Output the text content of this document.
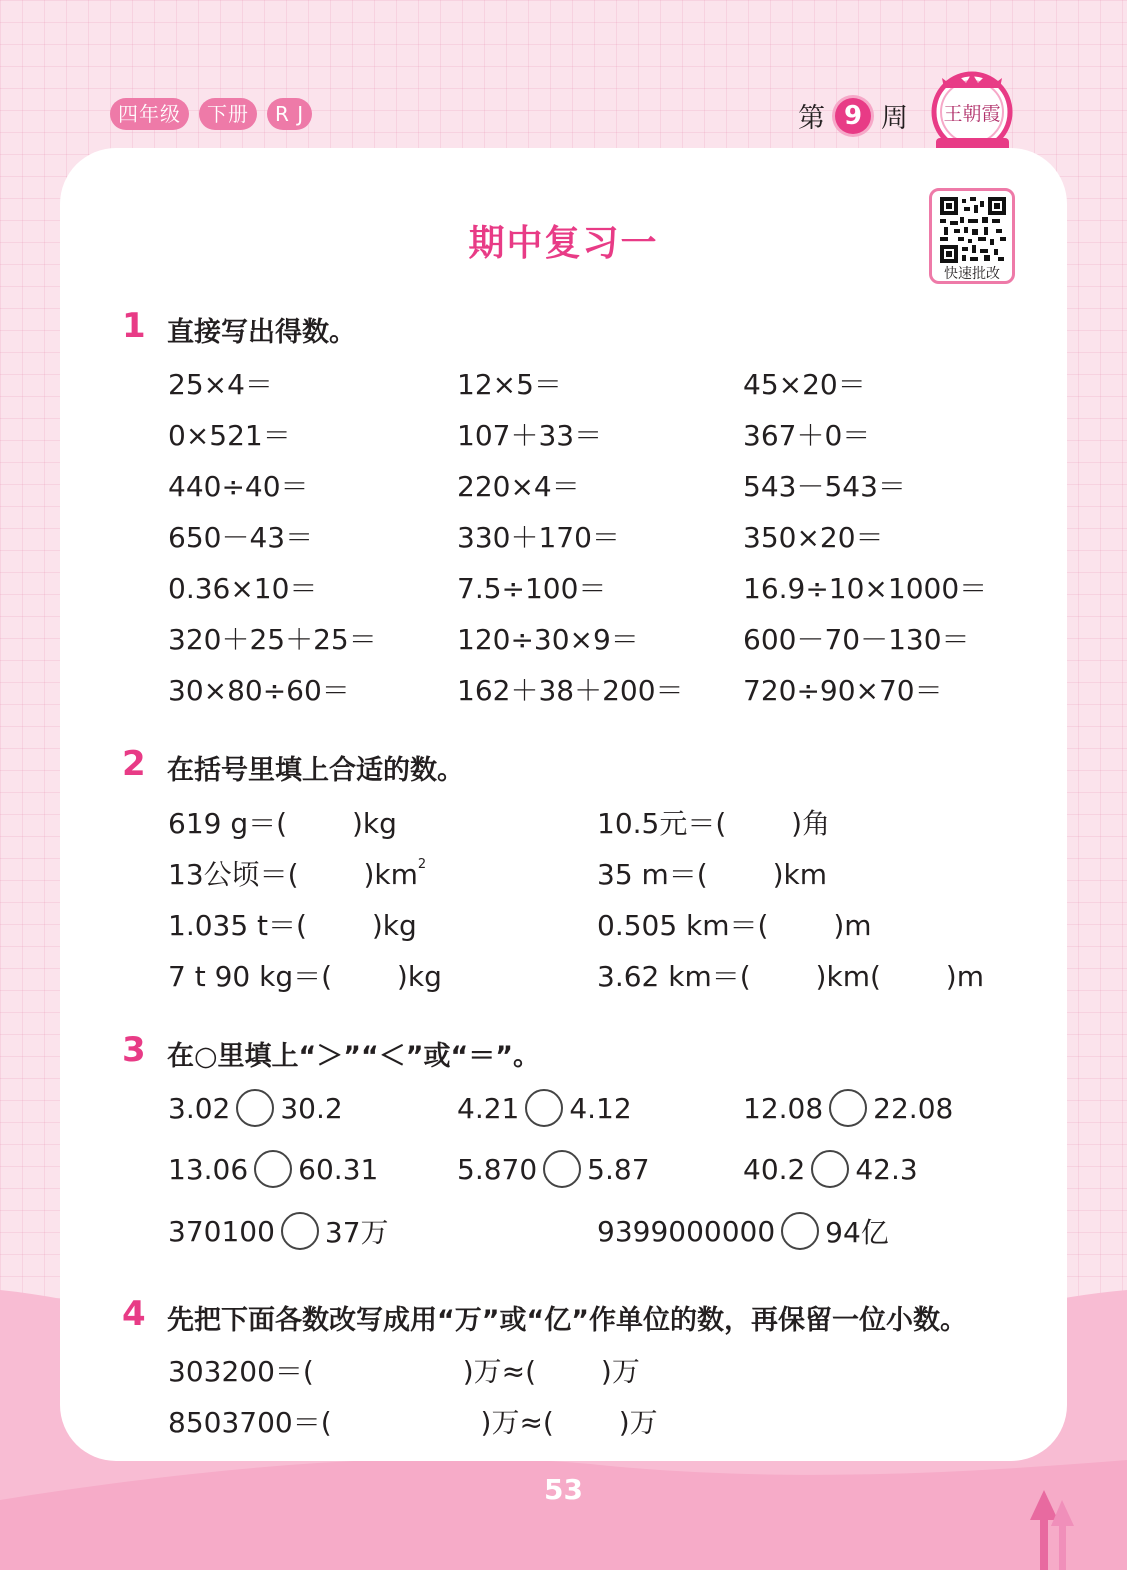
四年级	下册	R J	第 9 周 王朝霞
快速批改
期中复习一
1 直接写出得数。
25×4＝	12×5＝	45×20＝
0×521＝	107＋33＝	367＋0＝
440÷40＝	220×4＝	543－543＝
650－43＝	330＋170＝	350×20＝
0.36×10＝	7.5÷100＝	16.9÷10×1000＝
320＋25＋25＝	120÷30×9＝	600－70－130＝
30×80÷60＝	162＋38＋200＝ 720÷90×70＝
2 在括号里填上合适的数。
619 g＝(　　 )kg	10.5元＝(　　 )角
13公顷＝(　　 )$km^2$	35 m＝(　　 )km
1.035 t＝(　　 )kg	0.505 km＝(　　 )m
7 t 90 kg＝(　　 )kg	3.62 km＝(　　 )km(　　 )m
3 在○里填上“＞”“＜”或“＝”。
3.02 30.2	4.21 4.12	12.08 22.08
13.06 60.31	5.870 5.87	40.2 42.3
370100 37万	9399000000 94亿
4 先把下面各数改写成用“万”或“亿”作单位的数，再保留一位小数。
303200＝(　　　　　 )万≈(　　 )万
8503700＝(　　　　　 )万≈(　　 )万
53
